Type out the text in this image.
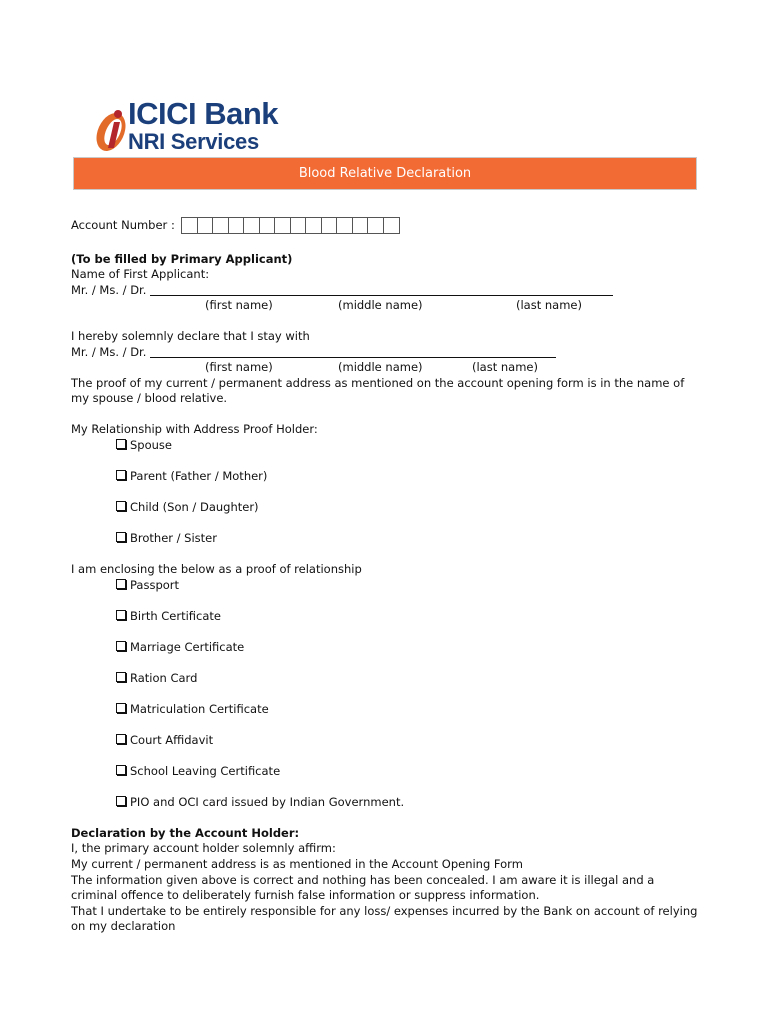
ICICI Bank
NRI Services
Blood Relative Declaration
Account Number :
(To be filled by Primary Applicant)
Name of First Applicant:
Mr. / Ms. / Dr.
(first name)	(middle name)	(last name)
I hereby solemnly declare that I stay with
Mr. / Ms. / Dr.
(first name)	(middle name)	(last name)
The proof of my current / permanent address as mentioned on the account opening form is in the name of
my spouse / blood relative.
My Relationship with Address Proof Holder:
Spouse
Parent (Father / Mother)
Child (Son / Daughter)
Brother / Sister
I am enclosing the below as a proof of relationship
Passport
Birth Certificate
Marriage Certificate
Ration Card
Matriculation Certificate
Court Affidavit
School Leaving Certificate
PIO and OCI card issued by Indian Government.
Declaration by the Account Holder:
I, the primary account holder solemnly affirm:
My current / permanent address is as mentioned in the Account Opening Form
The information given above is correct and nothing has been concealed. I am aware it is illegal and a
criminal offence to deliberately furnish false information or suppress information.
That I undertake to be entirely responsible for any loss/ expenses incurred by the Bank on account of relying
on my declaration
